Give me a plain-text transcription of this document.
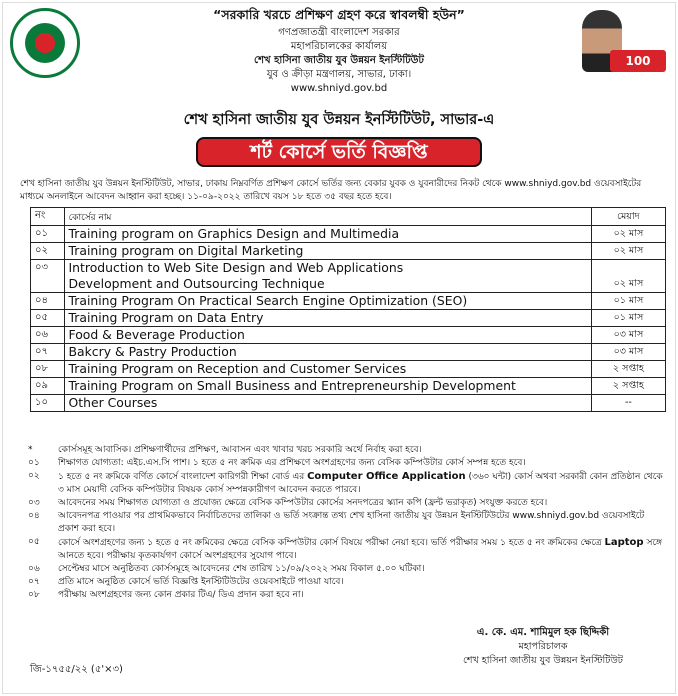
“সরকারি খরচে প্রশিক্ষণ গ্রহণ করে স্বাবলম্বী হউন”
গণপ্রজাতন্ত্রী বাংলাদেশ সরকার
মহাপরিচালকের কার্যালয়
শেখ হাসিনা জাতীয় যুব উন্নয়ন ইনস্টিটিউট
যুব ও ক্রীড়া মন্ত্রণালয়, সাভার, ঢাকা।
www.shniyd.gov.bd
100
শেখ হাসিনা জাতীয় যুব উন্নয়ন ইনস্টিটিউট, সাভার-এ
শর্ট কোর্সে ভর্তি বিজ্ঞপ্তি
শেখ হাসিনা জাতীয় যুব উন্নয়ন ইনস্টিটিউট, সাভার, ঢাকায় নিম্নবর্ণিত প্রশিক্ষণ কোর্সে ভর্তির জন্য বেকার যুবক ও যুবনারীদের নিকট থেকে www.shniyd.gov.bd ওয়েবসাইটের মাধ্যমে অনলাইনে আবেদন আহ্বান করা হচ্ছে। ১১-০৯-২০২২ তারিখে বয়স ১৮ হতে ৩৫ বছর হতে হবে।
নং	কোর্সের নাম	মেয়াদ
০১	Training program on Graphics Design and Multimedia	০২ মাস
০২	Training program on Digital Marketing	০২ মাস
০৩	Introduction to Web Site Design and Web Applications
Development and Outsourcing Technique	০২ মাস
০৪	Training Program On Practical Search Engine Optimization (SEO)	০১ মাস
০৫	Training Program on Data Entry	০১ মাস
০৬	Food & Beverage Production	০৩ মাস
০৭	Bakcry & Pastry Production	০৩ মাস
০৮	Training Program on Reception and Customer Services	২ সপ্তাহ
০৯	Training Program on Small Business and Entrepreneurship Development	২ সপ্তাহ
১০	Other Courses	--
*	কোর্সসমূহ আবাসিক। প্রশিক্ষণার্থীদের প্রশিক্ষণ, আবাসন এবং খাবার খরচ সরকারি অর্থে নির্বাহ করা হবে।
০১	শিক্ষাগত যোগ্যতা: এইচ.এস.সি পাশ। ১ হতে ৫ নং ক্রমিক এর প্রশিক্ষণে অংশগ্রহণের জন্য বেসিক কম্পিউটার কোর্স সম্পন্ন হতে হবে।
০২	১ হতে ৫ নং ক্রমিকে বর্ণিত কোর্সে বাংলাদেশ কারিগরী শিক্ষা বোর্ড এর Computer Office Application (৩৬০ ঘন্টা) কোর্স অথবা সরকারী কোন প্রতিষ্ঠান থেকে ৩ মাস মেয়াদী বেসিক কম্পিউটার বিষয়ক কোর্স সম্পন্নকারীগণ আবেদন করতে পারবে।
০৩	আবেদনের সময় শিক্ষাগত যোগ্যতা ও প্রযোজ্য ক্ষেত্রে বেসিক কম্পিউটার কোর্সের সনদপত্রের স্ক্যান কপি (ফ্রন্ট ভরাকৃত) সংযুক্ত করতে হবে।
০৪	আবেদনপত্র পাওয়ার পর প্রাথমিকভাবে নির্বাচিতদের তালিকা ও ভর্তি সংক্রান্ত তথ্য শেখ হাসিনা জাতীয় যুব উন্নয়ন ইনস্টিটিউটের www.shniyd.gov.bd ওয়েবসাইটে প্রকাশ করা হবে।
০৫	কোর্সে অংশগ্রহণের জন্য ১ হতে ৫ নং ক্রমিকের ক্ষেত্রে বেসিক কম্পিউটার কোর্স বিষয়ে পরীক্ষা নেয়া হবে। ভর্তি পরীক্ষার সময় ১ হতে ৫ নং ক্রমিকের ক্ষেত্রে Laptop সঙ্গে আনতে হবে। পরীক্ষায় কৃতকার্যগণ কোর্সে অংশগ্রহণের সুযোগ পাবে।
০৬	সেপ্টেম্বর মাসে অনুষ্ঠিতব্য কোর্সসমূহে আবেদনের শেষ তারিখ ১১/০৯/২০২২ সময় বিকাল ৫.০০ ঘটিকা।
০৭	প্রতি মাসে অনুষ্ঠিত কোর্সে ভর্তি বিজ্ঞপ্তি ইনস্টিটিউটের ওয়েবসাইটে পাওয়া যাবে।
০৮	পরীক্ষায় অংশগ্রহণের জন্য কোন প্রকার টিএ/ ডিএ প্রদান করা হবে না।
এ. কে. এম. শামিমুল হক ছিদ্দিকী
মহাপরিচালক
শেখ হাসিনা জাতীয় যুব উন্নয়ন ইনস্টিটিউট
জি-১৭৫৫/২২ (৫'×৩)
